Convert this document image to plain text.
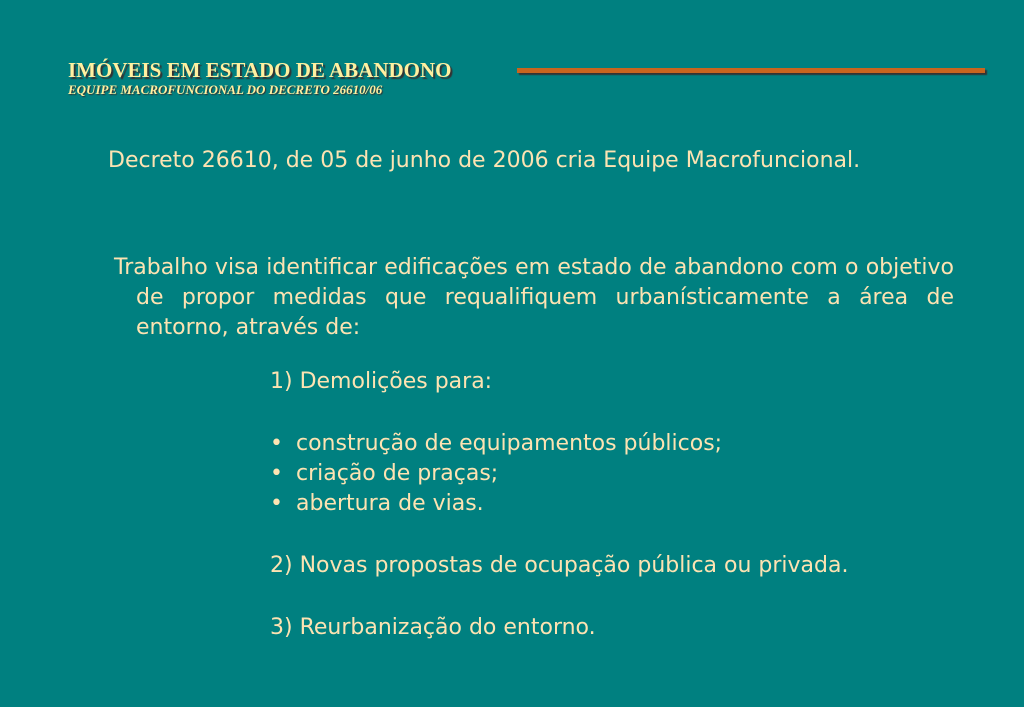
IMÓVEIS EM ESTADO DE ABANDONO
EQUIPE MACROFUNCIONAL DO DECRETO 26610/06
Decreto 26610, de 05 de junho de 2006 cria Equipe Macrofuncional.
Trabalho visa identificar edificações em estado de abandono com o objetivo de propor medidas que requalifiquem urbanísticamente a área de entorno, através de:
1) Demolições para:
• construção de equipamentos públicos;
• criação de praças;
• abertura de vias.
2) Novas propostas de ocupação pública ou privada.
3) Reurbanização do entorno.
